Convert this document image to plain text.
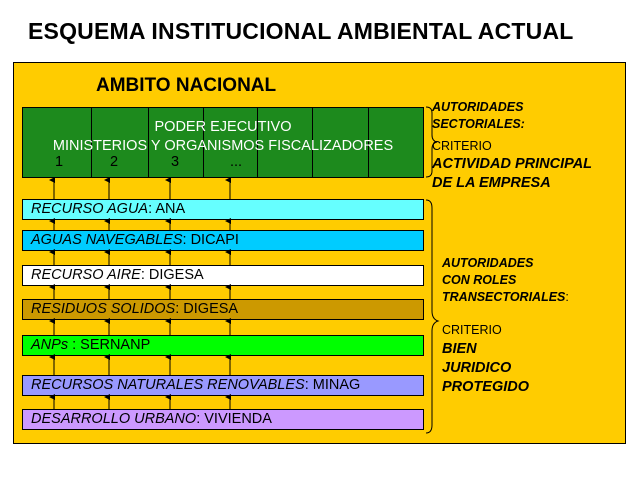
ESQUEMA INSTITUCIONAL AMBIENTAL ACTUAL
AMBITO NACIONAL
PODER EJECUTIVO
MINISTERIOS Y ORGANISMOS FISCALIZADORES
1	2	3	...
RECURSO AGUA: ANA
AGUAS NAVEGABLES: DICAPI
RECURSO AIRE: DIGESA
RESIDUOS SOLIDOS: DIGESA
ANPs : SERNANP
RECURSOS NATURALES RENOVABLES: MINAG
DESARROLLO URBANO: VIVIENDA
AUTORIDADES
SECTORIALES:
CRITERIO
ACTIVIDAD PRINCIPAL
DE LA EMPRESA
AUTORIDADES
CON ROLES
TRANSECTORIALES:
CRITERIO
BIEN
JURIDICO
PROTEGIDO
